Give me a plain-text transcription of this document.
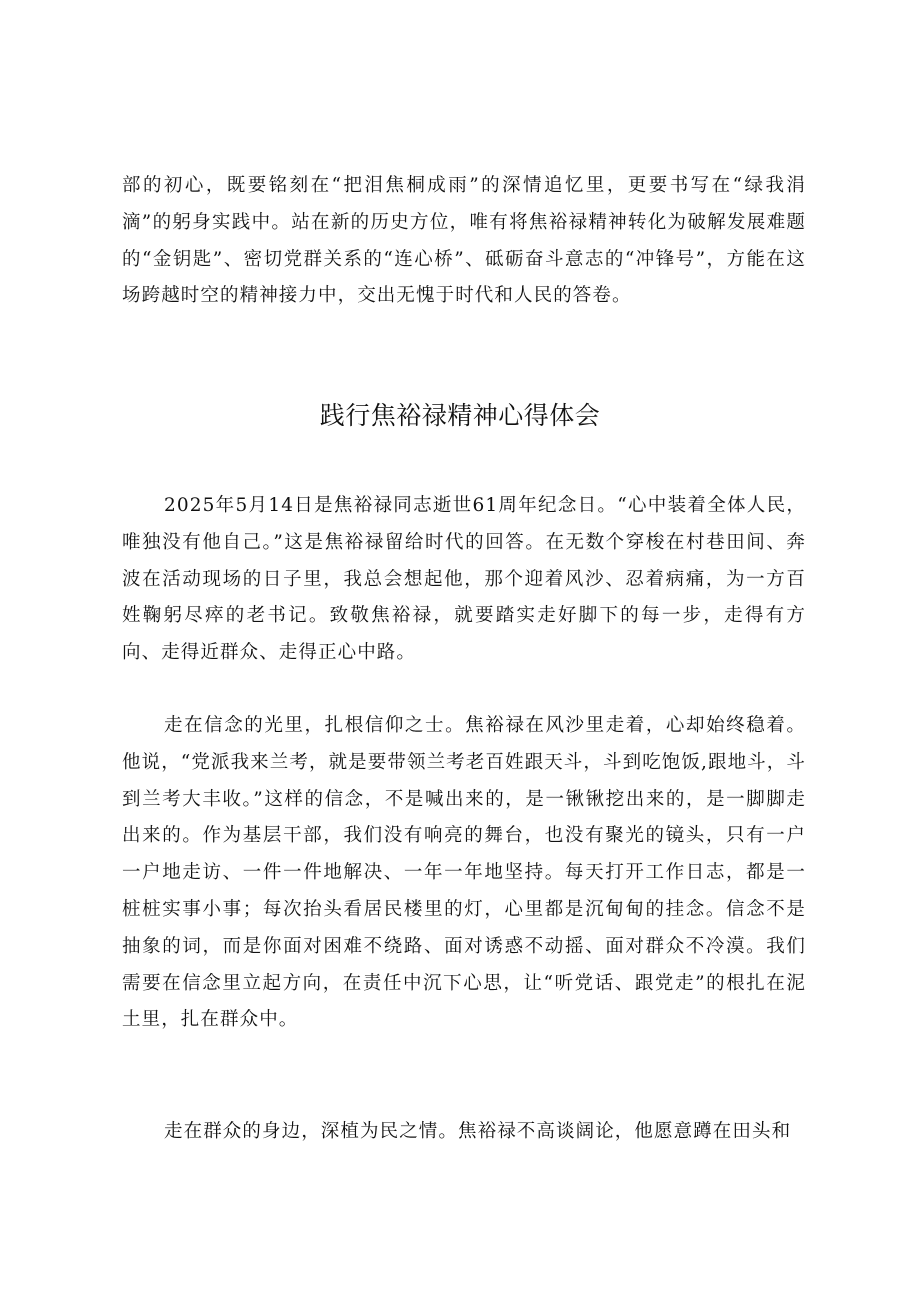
部的初心，既要铭刻在“把泪焦桐成雨”的深情追忆里，更要书写在“绿我涓滴”的躬身实践中。站在新的历史方位，唯有将焦裕禄精神转化为破解发展难题的“金钥匙”、密切党群关系的“连心桥”、砥砺奋斗意志的“冲锋号”，方能在这场跨越时空的精神接力中，交出无愧于时代和人民的答卷。

践行焦裕禄精神心得体会

2025年5月14日是焦裕禄同志逝世61周年纪念日。“心中装着全体人民，唯独没有他自己。”这是焦裕禄留给时代的回答。在无数个穿梭在村巷田间、奔波在活动现场的日子里，我总会想起他，那个迎着风沙、忍着病痛，为一方百姓鞠躬尽瘁的老书记。致敬焦裕禄，就要踏实走好脚下的每一步，走得有方向、走得近群众、走得正心中路。

走在信念的光里，扎根信仰之士。焦裕禄在风沙里走着，心却始终稳着。他说，“党派我来兰考，就是要带领兰考老百姓跟天斗，斗到吃饱饭,跟地斗，斗到兰考大丰收。”这样的信念，不是喊出来的，是一锹锹挖出来的，是一脚脚走出来的。作为基层干部，我们没有响亮的舞台，也没有聚光的镜头，只有一户一户地走访、一件一件地解决、一年一年地坚持。每天打开工作日志，都是一桩桩实事小事；每次抬头看居民楼里的灯，心里都是沉甸甸的挂念。信念不是抽象的词，而是你面对困难不绕路、面对诱惑不动摇、面对群众不冷漠。我们需要在信念里立起方向，在责任中沉下心思，让“听党话、跟党走”的根扎在泥土里，扎在群众中。

走在群众的身边，深植为民之情。焦裕禄不高谈阔论，他愿意蹲在田头和
